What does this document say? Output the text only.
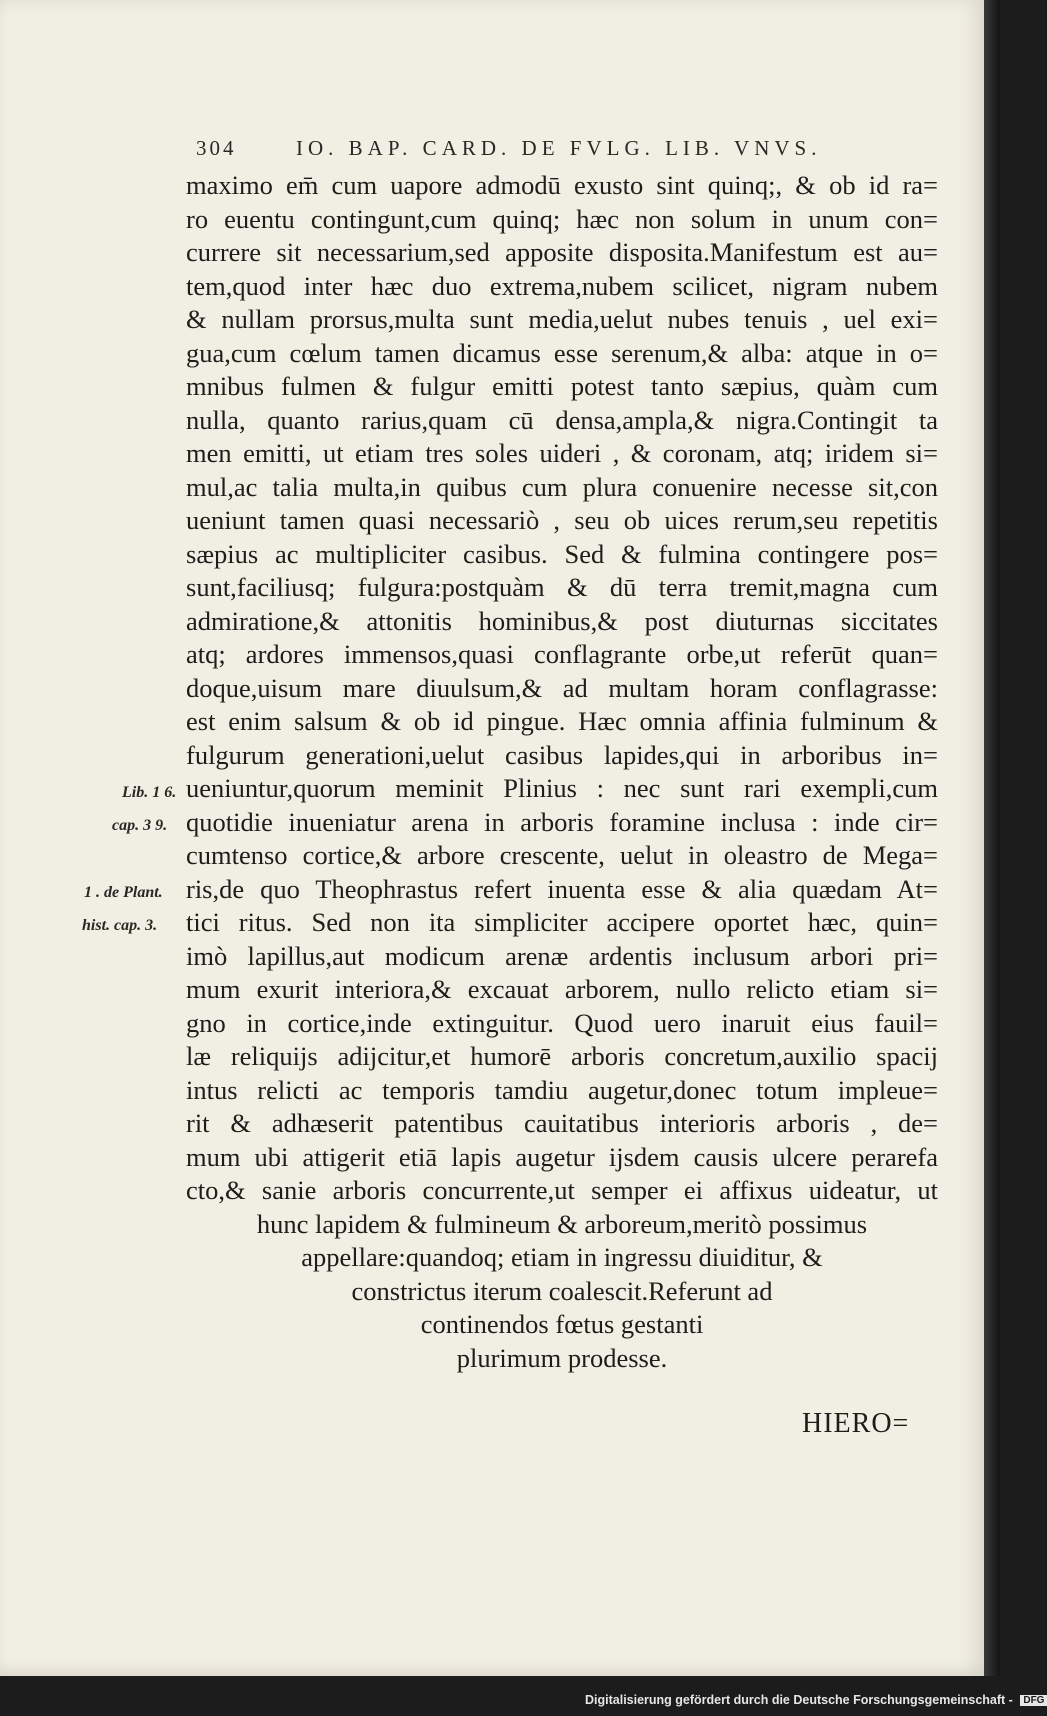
304	IO. BAP. CARD. DE FVLG. LIB. VNVS.
maximo em̄ cum uapore admodū exusto sint quinq;, & ob id ra=
ro euentu contingunt,cum quinq; hæc non solum in unum con=
currere sit necessarium,sed apposite dispositа.Manifestum est au=
tem,quod inter hæc duo extrema,nubem scilicet, nigram nubem
& nullam prorsus,multa sunt media,uelut nubes tenuis , uel exi=
gua,cum cœlum tamen dicamus esse serenum,& alba: atque in o=
mnibus fulmen & fulgur emitti potest tanto sæpius, quàm cum
nulla, quanto rarius,quam cū densa,ampla,& nigra.Contingit ta
men emitti, ut etiam tres soles uideri , & coronam, atq; iridem si=
mul,ac talia multa,in quibus cum plura conuenire necesse sit,con
ueniunt tamen quasi necessariò , seu ob uices rerum,seu repetitis
sæpius ac multipliciter casibus. Sed & fulmina contingere pos=
sunt,faciliusq; fulgura:postquàm & dū terra tremit,magna cum
admiratione,& attonitis hominibus,& post diuturnas siccitates
atq; ardores immensos,quasi conflagrante orbe,ut referūt quan=
doque,uisum mare diuulsum,& ad multam horam conflagrasse:
est enim salsum & ob id pingue. Hæc omnia affinia fulminum &
fulgurum generationi,uelut casibus lapides,qui in arboribus in=
ueniuntur,quorum meminit Plinius : nec sunt rari exempli,cum
quotidie inueniatur arena in arboris foramine inclusa : inde cir=
cumtenso cortice,& arbore crescente, uelut in oleastro de Mega=
ris,de quo Theophrastus refert inuenta esse & alia quædam At=
tici ritus. Sed non ita simpliciter accipere oportet hæc, quin=
imò lapillus,aut modicum arenæ ardentis inclusum arbori pri=
mum exurit interiora,& excauat arborem, nullo relicto etiam si=
gno in cortice,inde extinguitur. Quod uero inaruit eius fauil=
læ reliquijs adijcitur,et humorē arboris concretum,auxilio spacij
intus relicti ac temporis tamdiu augetur,donec totum impleue=
rit & adhæserit patentibus cauitatibus interioris arboris , de=
mum ubi attigerit etiā lapis augetur ijsdem causis ulcere perarefa
cto,& sanie arboris concurrente,ut semper ei affixus uideatur, ut
hunc lapidem & fulmineum & arboreum,meritò possimus
appellare:quandoq; etiam in ingressu diuiditur, &
constrictus iterum coalescit.Referunt ad
continendos fœtus gestanti
plurimum prodesse.
Lib. 1 6.
cap. 3 9.
1 . de Plant.
hist. cap. 3.
HIERO=
Digitalisierung gefördert durch die Deutsche Forschungsgemeinschaft - DFG
